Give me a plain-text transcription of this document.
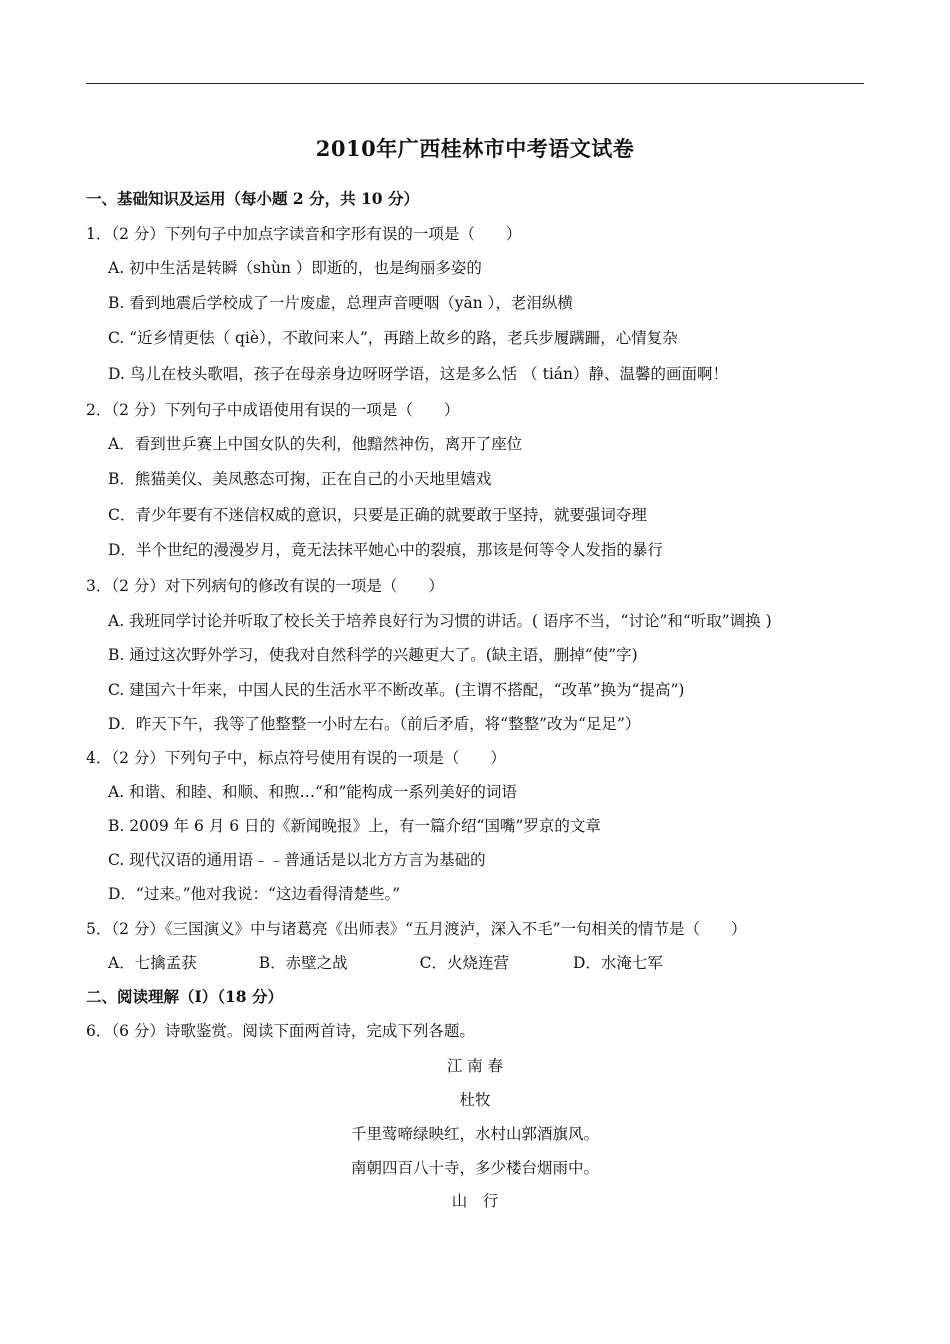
2010年广西桂林市中考语文试卷
一、基础知识及运用（每小题 2 分，共 10 分）
1．（2 分）下列句子中加点字读音和字形有误的一项是（　　）
A. 初中生活是转瞬（shùn ）即逝的，也是绚丽多姿的
B. 看到地震后学校成了一片废虚，总理声音哽咽（yān ），老泪纵横
C. “近乡情更怯（ qiè），不敢问来人”，再踏上故乡的路，老兵步履蹒跚，心情复杂
D. 鸟儿在枝头歌唱，孩子在母亲身边呀呀学语，这是多么恬 （ tián）静、温馨的画面啊！
2．（2 分）下列句子中成语使用有误的一项是（　　）
A．看到世乒赛上中国女队的失利，他黯然神伤，离开了座位
B．熊猫美仪、美凤憨态可掬，正在自己的小天地里嬉戏
C．青少年要有不迷信权威的意识，只要是正确的就要敢于坚持，就要强词夺理
D．半个世纪的漫漫岁月，竟无法抹平她心中的裂痕，那该是何等令人发指的暴行
3．（2 分）对下列病句的修改有误的一项是（　　）
A. 我班同学讨论并听取了校长关于培养良好行为习惯的讲话。( 语序不当，“讨论”和“听取”调换 )
B. 通过这次野外学习，使我对自然科学的兴趣更大了。(缺主语，删掉“使”字)
C. 建国六十年来，中国人民的生活水平不断改革。(主谓不搭配，“改革”换为“提高”)
D．昨天下午，我等了他整整一小时左右。（前后矛盾，将“整整”改为“足足”）
4．（2 分）下列句子中，标点符号使用有误的一项是（　　）
A. 和谐、和睦、和顺、和煦…“和”能构成一系列美好的词语
B. 2009 年 6 月 6 日的《新闻晚报》上，有一篇介绍“国嘴”罗京的文章
C. 现代汉语的通用语﹣﹣普通话是以北方方言为基础的
D．“过来。”他对我说：“这边看得清楚些。”
5．（2 分）《三国演义》中与诸葛亮《出师表》“五月渡泸，深入不毛”一句相关的情节是（　　）
A．七擒孟获	B．赤壁之战	C．火烧连营	D．水淹七军
二、阅读理解（Ⅰ）（18 分）
6．（6 分）诗歌鉴赏。阅读下面两首诗，完成下列各题。
江 南 春
杜牧
千里莺啼绿映红，水村山郭酒旗风。
南朝四百八十寺，多少楼台烟雨中。
山　行
